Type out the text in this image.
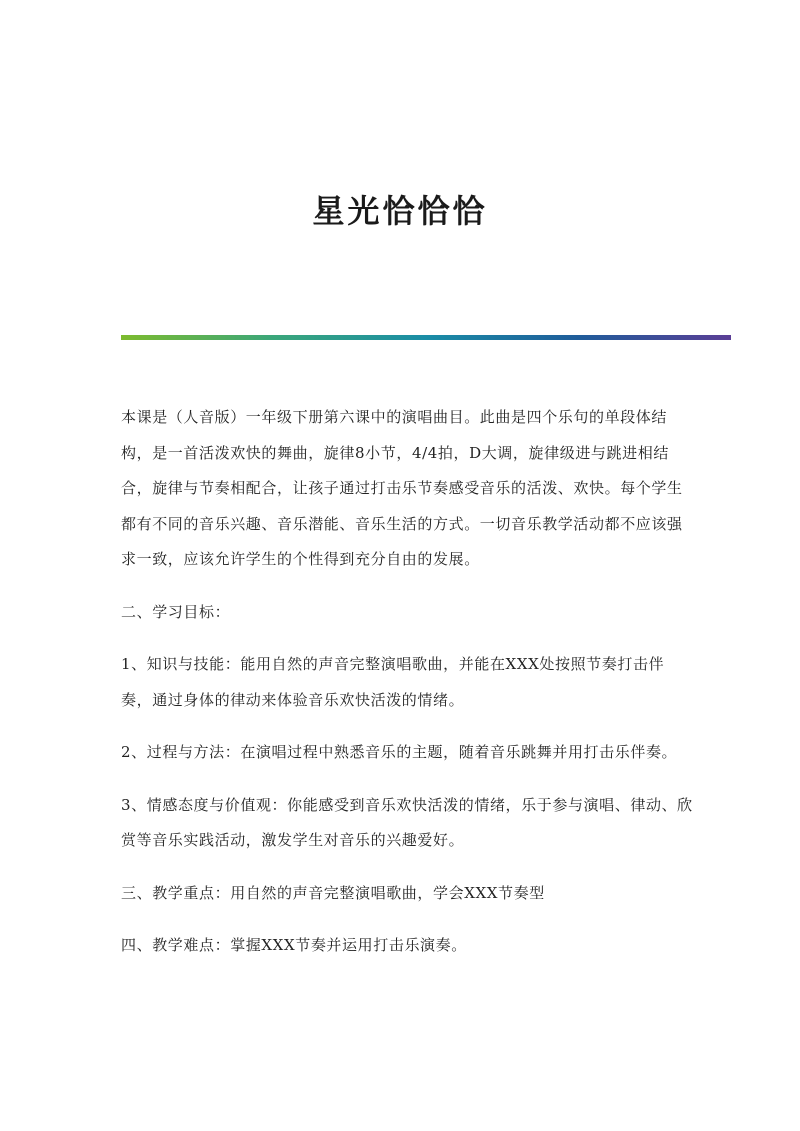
星光恰恰恰

本课是（人音版）一年级下册第六课中的演唱曲目。此曲是四个乐句的单段体结构，是一首活泼欢快的舞曲，旋律8小节，4/4拍，D大调，旋律级进与跳进相结合，旋律与节奏相配合，让孩子通过打击乐节奏感受音乐的活泼、欢快。每个学生都有不同的音乐兴趣、音乐潜能、音乐生活的方式。一切音乐教学活动都不应该强求一致，应该允许学生的个性得到充分自由的发展。

二、学习目标：

1、知识与技能：能用自然的声音完整演唱歌曲，并能在XXX处按照节奏打击伴奏，通过身体的律动来体验音乐欢快活泼的情绪。

2、过程与方法：在演唱过程中熟悉音乐的主题，随着音乐跳舞并用打击乐伴奏。

3、情感态度与价值观：你能感受到音乐欢快活泼的情绪，乐于参与演唱、律动、欣赏等音乐实践活动，激发学生对音乐的兴趣爱好。

三、教学重点：用自然的声音完整演唱歌曲，学会XXX节奏型

四、教学难点：掌握XXX节奏并运用打击乐演奏。
